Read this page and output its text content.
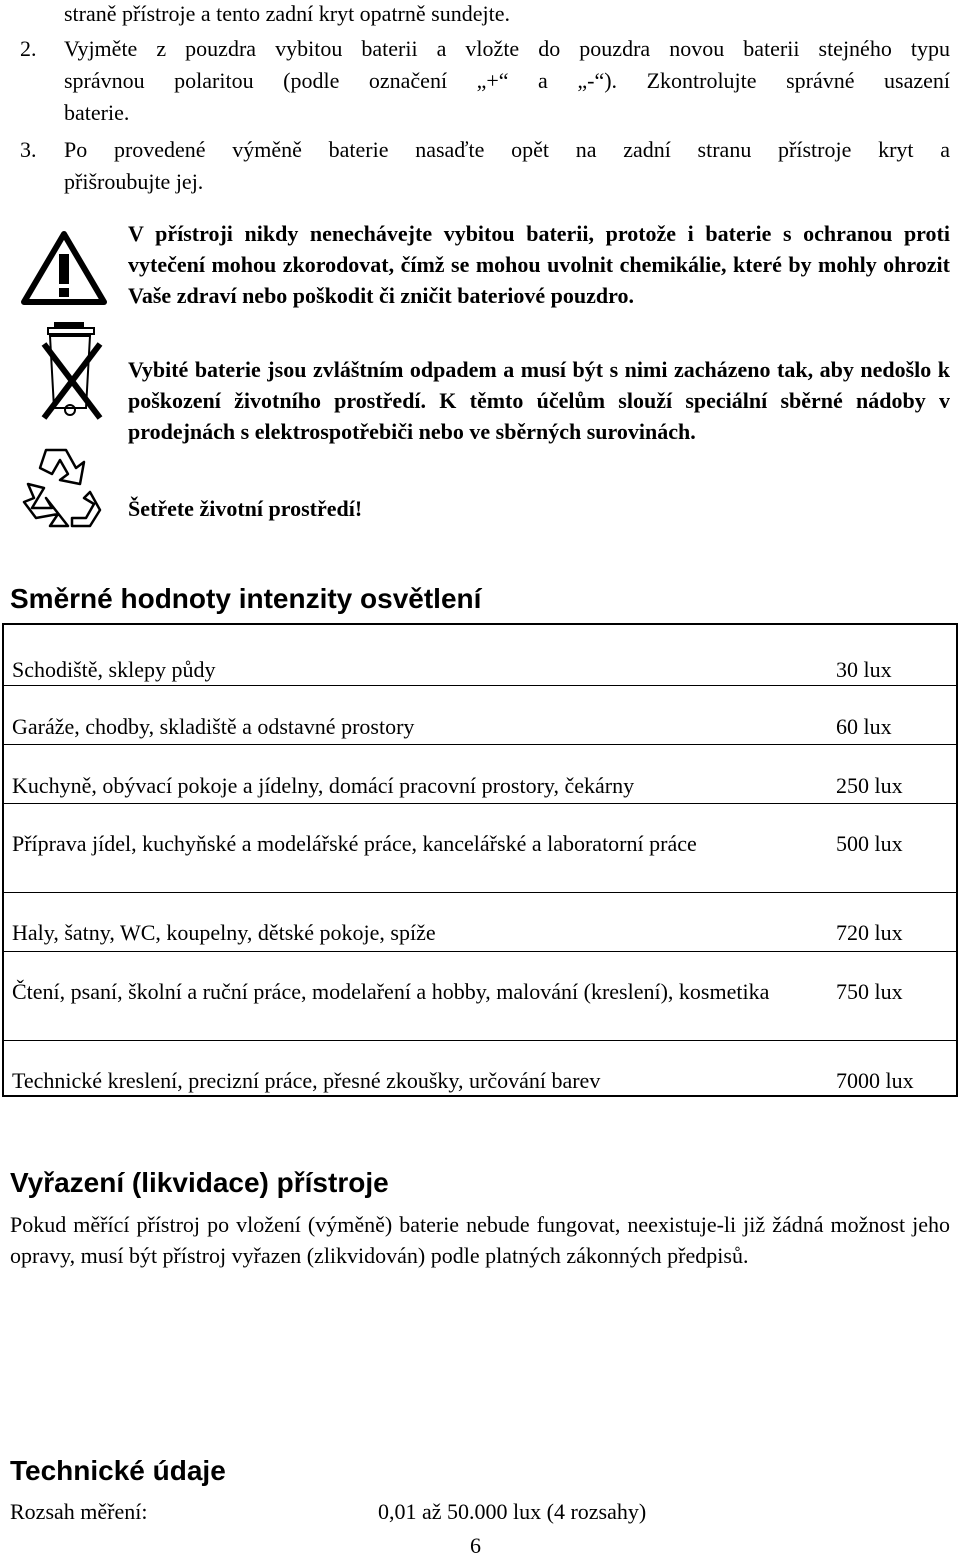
straně přístroje a tento zadní kryt opatrně sundejte.
2. Vyjměte z pouzdra vybitou baterii a vložte do pouzdra novou baterii stejného typu
správnou polaritou (podle označení „+“ a „-“). Zkontrolujte správné usazení
baterie.
3. Po provedené výměně baterie nasaďte opět na zadní stranu přístroje kryt a
přišroubujte jej.
V přístroji nikdy nenechávejte vybitou baterii, protože i baterie s ochranou proti vytečení mohou zkorodovat, čímž se mohou uvolnit chemikálie, které by mohly ohrozit Vaše zdraví nebo poškodit či zničit bateriové pouzdro.
Vybité baterie jsou zvláštním odpadem a musí být s nimi zacházeno tak, aby nedošlo k poškození životního prostředí. K těmto účelům slouží speciální sběrné nádoby v prodejnách s elektrospotřebiči nebo ve sběrných surovinách.
Šetřete životní prostředí!
Směrné hodnoty intenzity osvětlení
Schodiště, sklepy půdy	30 lux
Garáže, chodby, skladiště a odstavné prostory	60 lux
Kuchyně, obývací pokoje a jídelny, domácí pracovní prostory, čekárny	250 lux
Příprava jídel, kuchyňské a modelářské práce, kancelářské a laboratorní práce	500 lux
Haly, šatny, WC, koupelny, dětské pokoje, spíže	720 lux
Čtení, psaní, školní a ruční práce, modelaření a hobby, malování (kreslení), kosmetika	750 lux
Technické kreslení, precizní práce, přesné zkoušky, určování barev	7000 lux
Vyřazení (likvidace) přístroje
Pokud měřící přístroj po vložení (výměně) baterie nebude fungovat, neexistuje-li již žádná možnost jeho opravy, musí být přístroj vyřazen (zlikvidován) podle platných zákonných předpisů.
Technické údaje
Rozsah měření:	0,01 až 50.000 lux (4 rozsahy)
6
